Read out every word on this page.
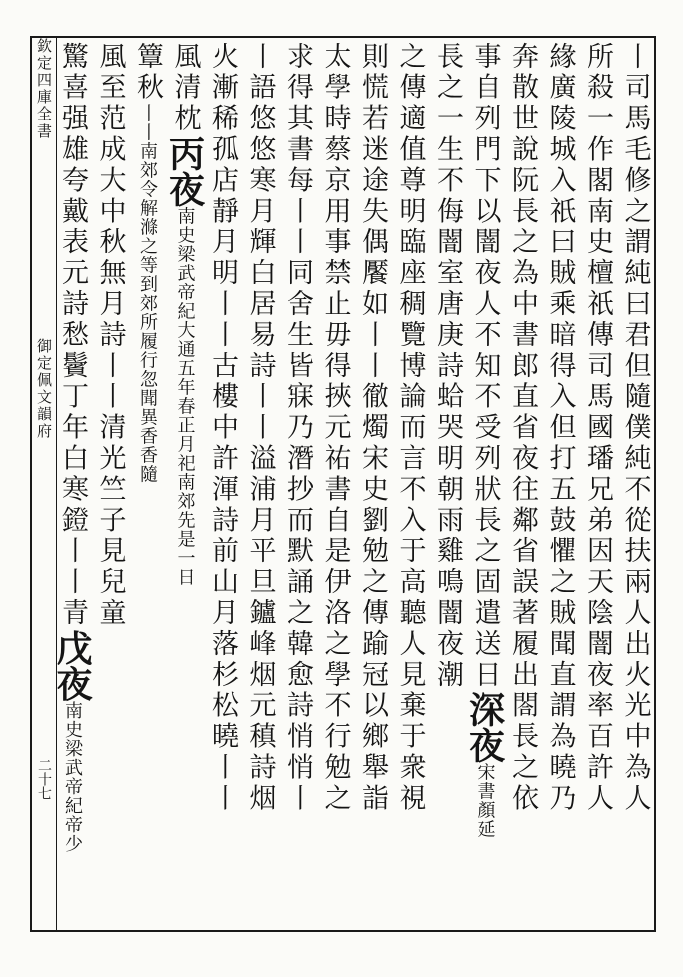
欽定四庫全書
御定佩文韻府
二十七	丨司馬毛修之謂純曰君但隨僕純不從扶兩人出火光中為人
所殺一作閣南史檀祇傳司馬國璠兄弟因天陰闇夜率百許人
緣廣陵城入祇曰賊乘暗得入但打五鼓懼之賊聞直謂為曉乃
奔散世說阮長之為中書郎直省夜往鄰省誤著履出閤長之依
事自列門下以闇夜人不知不受列狀長之固遣送日深夜宋書顏延
長之一生不侮闇室唐庚詩蛤哭明朝雨雞鳴闇夜潮
之傳適值尊明臨座稠覽博論而言不入于高聽人見棄于衆視
則慌若迷途失偶饜如丨丨徹燭宋史劉勉之傳踰冠以鄉舉詣
太學時蔡京用事禁止毋得挾元祐書自是伊洛之學不行勉之
求得其書每丨丨同舍生皆寐乃潛抄而默誦之韓愈詩悄悄丨
丨語悠悠寒月輝白居易詩丨丨溢浦月平旦鑪峰烟元稹詩烟
火漸稀孤店靜月明丨丨古樓中許渾詩前山月落杉松曉丨丨
風清枕丙夜南史梁武帝紀大通五年春正月祀南郊先是一日
簟秋丨丨南郊令解滌之等到郊所履行忽聞異香香隨
風至范成大中秋無月詩丨丨清光竺子見兒童
驚喜强雄夸戴表元詩愁鬢丁年白寒鐙丨丨青戊夜南史梁武帝紀帝少
